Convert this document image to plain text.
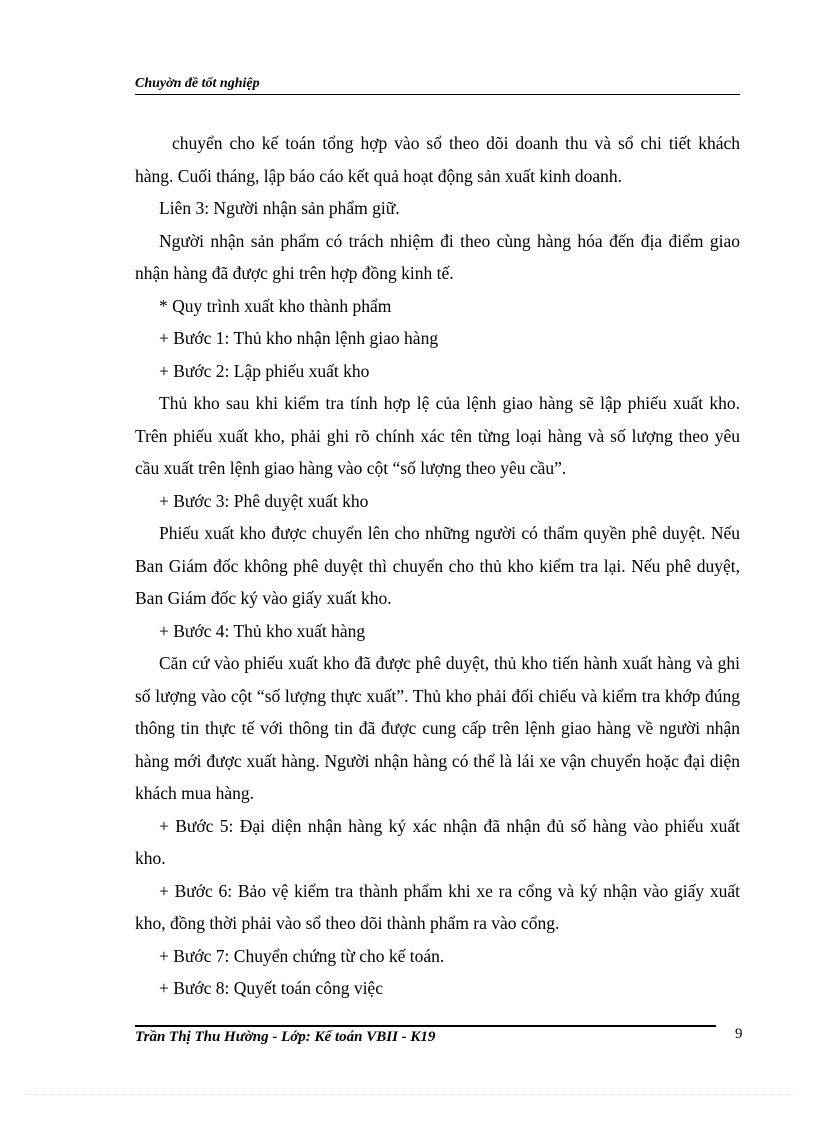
Chuyờn đề tốt nghiệp

chuyển cho kế toán tổng hợp vào sổ theo dõi doanh thu và sổ chi tiết khách hàng. Cuối tháng, lập báo cáo kết quả hoạt động sản xuất kinh doanh.

Liên 3: Người nhận sản phẩm giữ.

Người nhận sản phẩm có trách nhiệm đi theo cùng hàng hóa đến địa điểm giao nhận hàng đã được ghi trên hợp đồng kinh tế.

* Quy trình xuất kho thành phẩm

+ Bước 1: Thủ kho nhận lệnh giao hàng

+ Bước 2: Lập phiếu xuất kho

Thủ kho sau khi kiểm tra tính hợp lệ của lệnh giao hàng sẽ lập phiếu xuất kho. Trên phiếu xuất kho, phải ghi rõ chính xác tên từng loại hàng và số lượng theo yêu cầu xuất trên lệnh giao hàng vào cột “số lượng theo yêu cầu”.

+ Bước 3: Phê duyệt xuất kho

Phiếu xuất kho được chuyển lên cho những người có thẩm quyền phê duyệt. Nếu Ban Giám đốc không phê duyệt thì chuyển cho thủ kho kiểm tra lại. Nếu phê duyệt, Ban Giám đốc ký vào giấy xuất kho.

+ Bước 4: Thủ kho xuất hàng

Căn cứ vào phiếu xuất kho đã được phê duyệt, thủ kho tiến hành xuất hàng và ghi số lượng vào cột “số lượng thực xuất”. Thủ kho phải đối chiếu và kiểm tra khớp đúng thông tin thực tế với thông tin đã được cung cấp trên lệnh giao hàng về người nhận hàng mới được xuất hàng. Người nhận hàng có thể là lái xe vận chuyển hoặc đại diện khách mua hàng.

+ Bước 5: Đại diện nhận hàng ký xác nhận đã nhận đủ số hàng vào phiếu xuất kho.

+ Bước 6: Bảo vệ kiểm tra thành phẩm khi xe ra cổng và ký nhận vào giấy xuất kho, đồng thời phải vào sổ theo dõi thành phẩm ra vào cổng.

+ Bước 7: Chuyển chứng từ cho kế toán.

+ Bước 8: Quyết toán công việc

Trần Thị Thu Hường - Lớp: Kế toán VBII - K19	9
